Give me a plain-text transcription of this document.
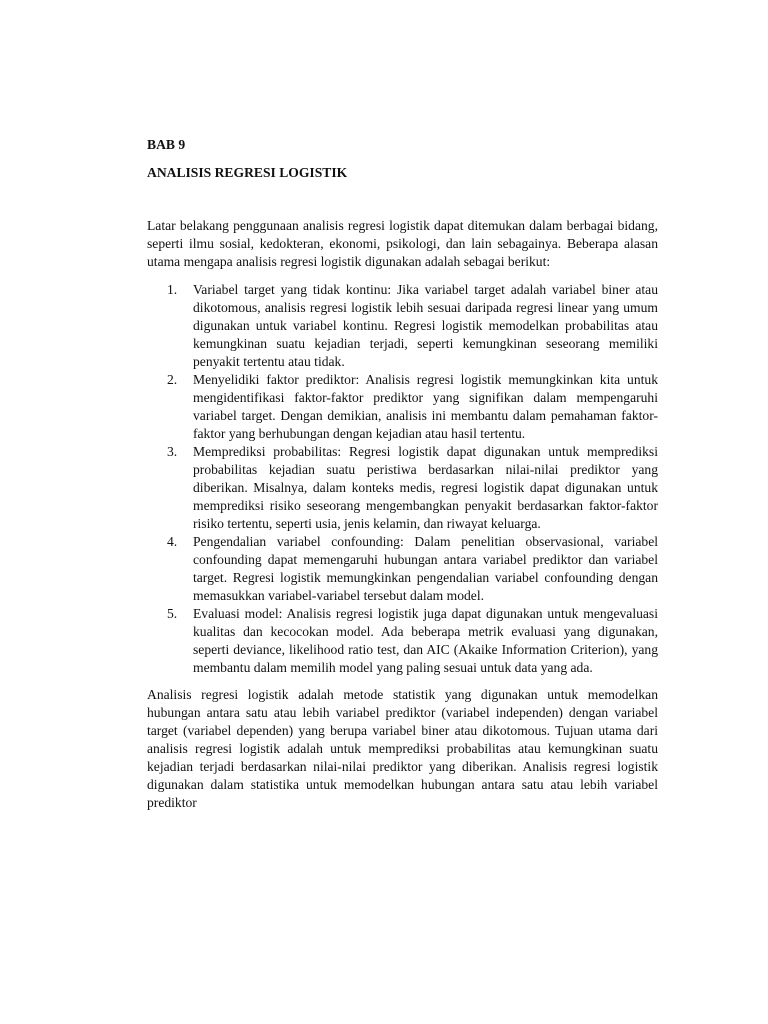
BAB 9

ANALISIS REGRESI LOGISTIK

Latar belakang penggunaan analisis regresi logistik dapat ditemukan dalam berbagai bidang, seperti ilmu sosial, kedokteran, ekonomi, psikologi, dan lain sebagainya. Beberapa alasan utama mengapa analisis regresi logistik digunakan adalah sebagai berikut:

1. Variabel target yang tidak kontinu: Jika variabel target adalah variabel biner atau dikotomous, analisis regresi logistik lebih sesuai daripada regresi linear yang umum digunakan untuk variabel kontinu. Regresi logistik memodelkan probabilitas atau kemungkinan suatu kejadian terjadi, seperti kemungkinan seseorang memiliki penyakit tertentu atau tidak.
2. Menyelidiki faktor prediktor: Analisis regresi logistik memungkinkan kita untuk mengidentifikasi faktor-faktor prediktor yang signifikan dalam mempengaruhi variabel target. Dengan demikian, analisis ini membantu dalam pemahaman faktor-faktor yang berhubungan dengan kejadian atau hasil tertentu.
3. Memprediksi probabilitas: Regresi logistik dapat digunakan untuk memprediksi probabilitas kejadian suatu peristiwa berdasarkan nilai-nilai prediktor yang diberikan. Misalnya, dalam konteks medis, regresi logistik dapat digunakan untuk memprediksi risiko seseorang mengembangkan penyakit berdasarkan faktor-faktor risiko tertentu, seperti usia, jenis kelamin, dan riwayat keluarga.
4. Pengendalian variabel confounding: Dalam penelitian observasional, variabel confounding dapat memengaruhi hubungan antara variabel prediktor dan variabel target. Regresi logistik memungkinkan pengendalian variabel confounding dengan memasukkan variabel-variabel tersebut dalam model.
5. Evaluasi model: Analisis regresi logistik juga dapat digunakan untuk mengevaluasi kualitas dan kecocokan model. Ada beberapa metrik evaluasi yang digunakan, seperti deviance, likelihood ratio test, dan AIC (Akaike Information Criterion), yang membantu dalam memilih model yang paling sesuai untuk data yang ada.

Analisis regresi logistik adalah metode statistik yang digunakan untuk memodelkan hubungan antara satu atau lebih variabel prediktor (variabel independen) dengan variabel target (variabel dependen) yang berupa variabel biner atau dikotomous. Tujuan utama dari analisis regresi logistik adalah untuk memprediksi probabilitas atau kemungkinan suatu kejadian terjadi berdasarkan nilai-nilai prediktor yang diberikan. Analisis regresi logistik digunakan dalam statistika untuk memodelkan hubungan antara satu atau lebih variabel prediktor
